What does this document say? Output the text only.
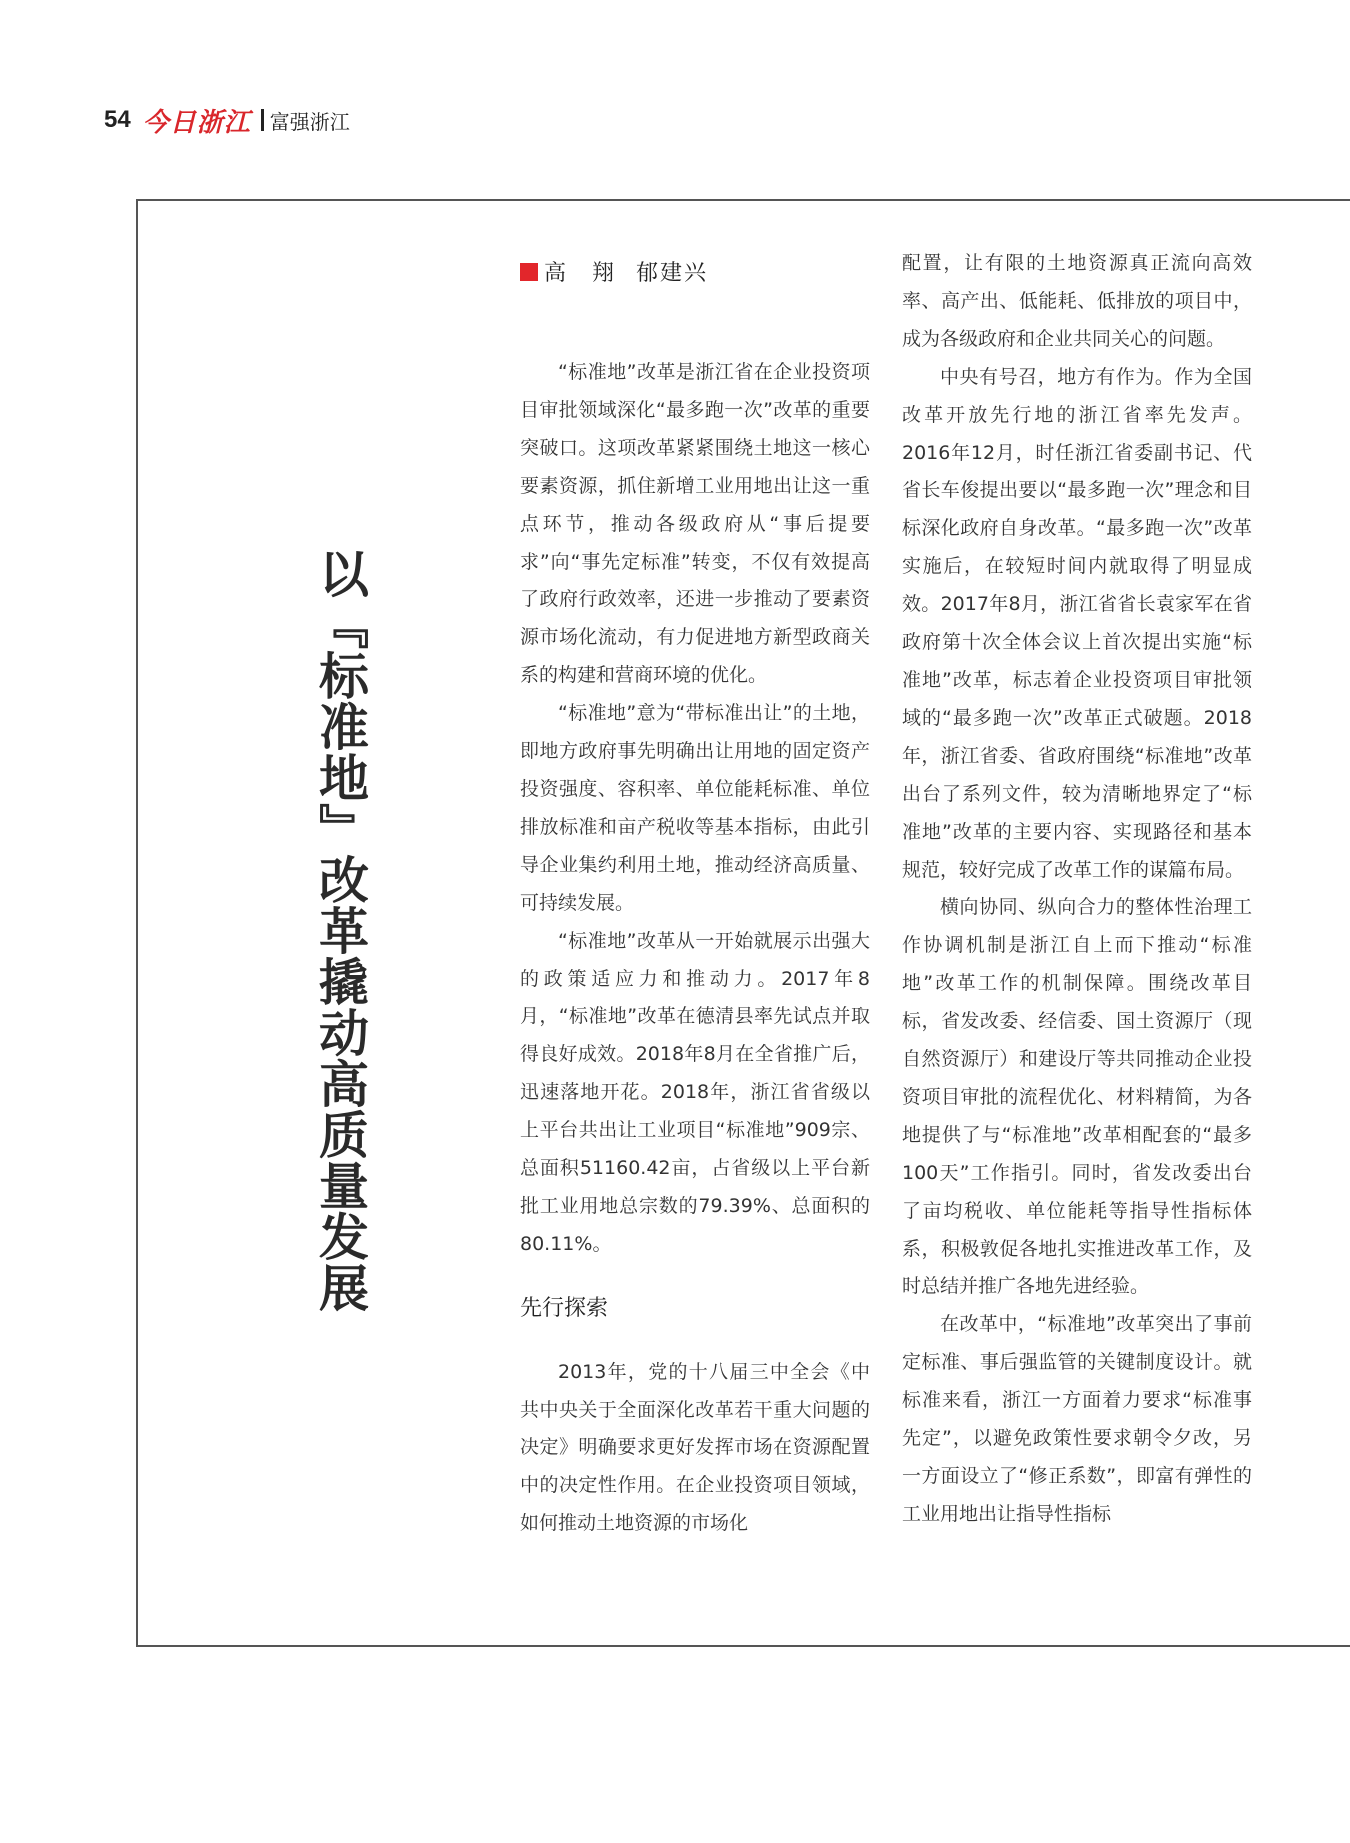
54 今日浙江 富强浙江
以『标准地』改革撬动高质量发展
高　翔 郁建兴

“标准地”改革是浙江省在企业投资项目审批领域深化“最多跑一次”改革的重要突破口。这项改革紧紧围绕土地这一核心要素资源，抓住新增工业用地出让这一重点环节，推动各级政府从“事后提要求”向“事先定标准”转变，不仅有效提高了政府行政效率，还进一步推动了要素资源市场化流动，有力促进地方新型政商关系的构建和营商环境的优化。

“标准地”意为“带标准出让”的土地，即地方政府事先明确出让用地的固定资产投资强度、容积率、单位能耗标准、单位排放标准和亩产税收等基本指标，由此引导企业集约利用土地，推动经济高质量、可持续发展。

“标准地”改革从一开始就展示出强大的政策适应力和推动力。2017年8月，“标准地”改革在德清县率先试点并取得良好成效。2018年8月在全省推广后，迅速落地开花。2018年，浙江省省级以上平台共出让工业项目“标准地”909宗、总面积51160.42亩，占省级以上平台新批工业用地总宗数的79.39%、总面积的80.11%。

先行探索

2013年，党的十八届三中全会《中共中央关于全面深化改革若干重大问题的决定》明确要求更好发挥市场在资源配置中的决定性作用。在企业投资项目领域，如何推动土地资源的市场化

配置，让有限的土地资源真正流向高效率、高产出、低能耗、低排放的项目中，成为各级政府和企业共同关心的问题。

中央有号召，地方有作为。作为全国改革开放先行地的浙江省率先发声。2016年12月，时任浙江省委副书记、代省长车俊提出要以“最多跑一次”理念和目标深化政府自身改革。“最多跑一次”改革实施后，在较短时间内就取得了明显成效。2017年8月，浙江省省长袁家军在省政府第十次全体会议上首次提出实施“标准地”改革，标志着企业投资项目审批领域的“最多跑一次”改革正式破题。2018年，浙江省委、省政府围绕“标准地”改革出台了系列文件，较为清晰地界定了“标准地”改革的主要内容、实现路径和基本规范，较好完成了改革工作的谋篇布局。

横向协同、纵向合力的整体性治理工作协调机制是浙江自上而下推动“标准地”改革工作的机制保障。围绕改革目标，省发改委、经信委、国土资源厅（现自然资源厅）和建设厅等共同推动企业投资项目审批的流程优化、材料精简，为各地提供了与“标准地”改革相配套的“最多100天”工作指引。同时，省发改委出台了亩均税收、单位能耗等指导性指标体系，积极敦促各地扎实推进改革工作，及时总结并推广各地先进经验。

在改革中，“标准地”改革突出了事前定标准、事后强监管的关键制度设计。就标准来看，浙江一方面着力要求“标准事先定”，以避免政策性要求朝令夕改，另一方面设立了“修正系数”，即富有弹性的工业用地出让指导性指标
